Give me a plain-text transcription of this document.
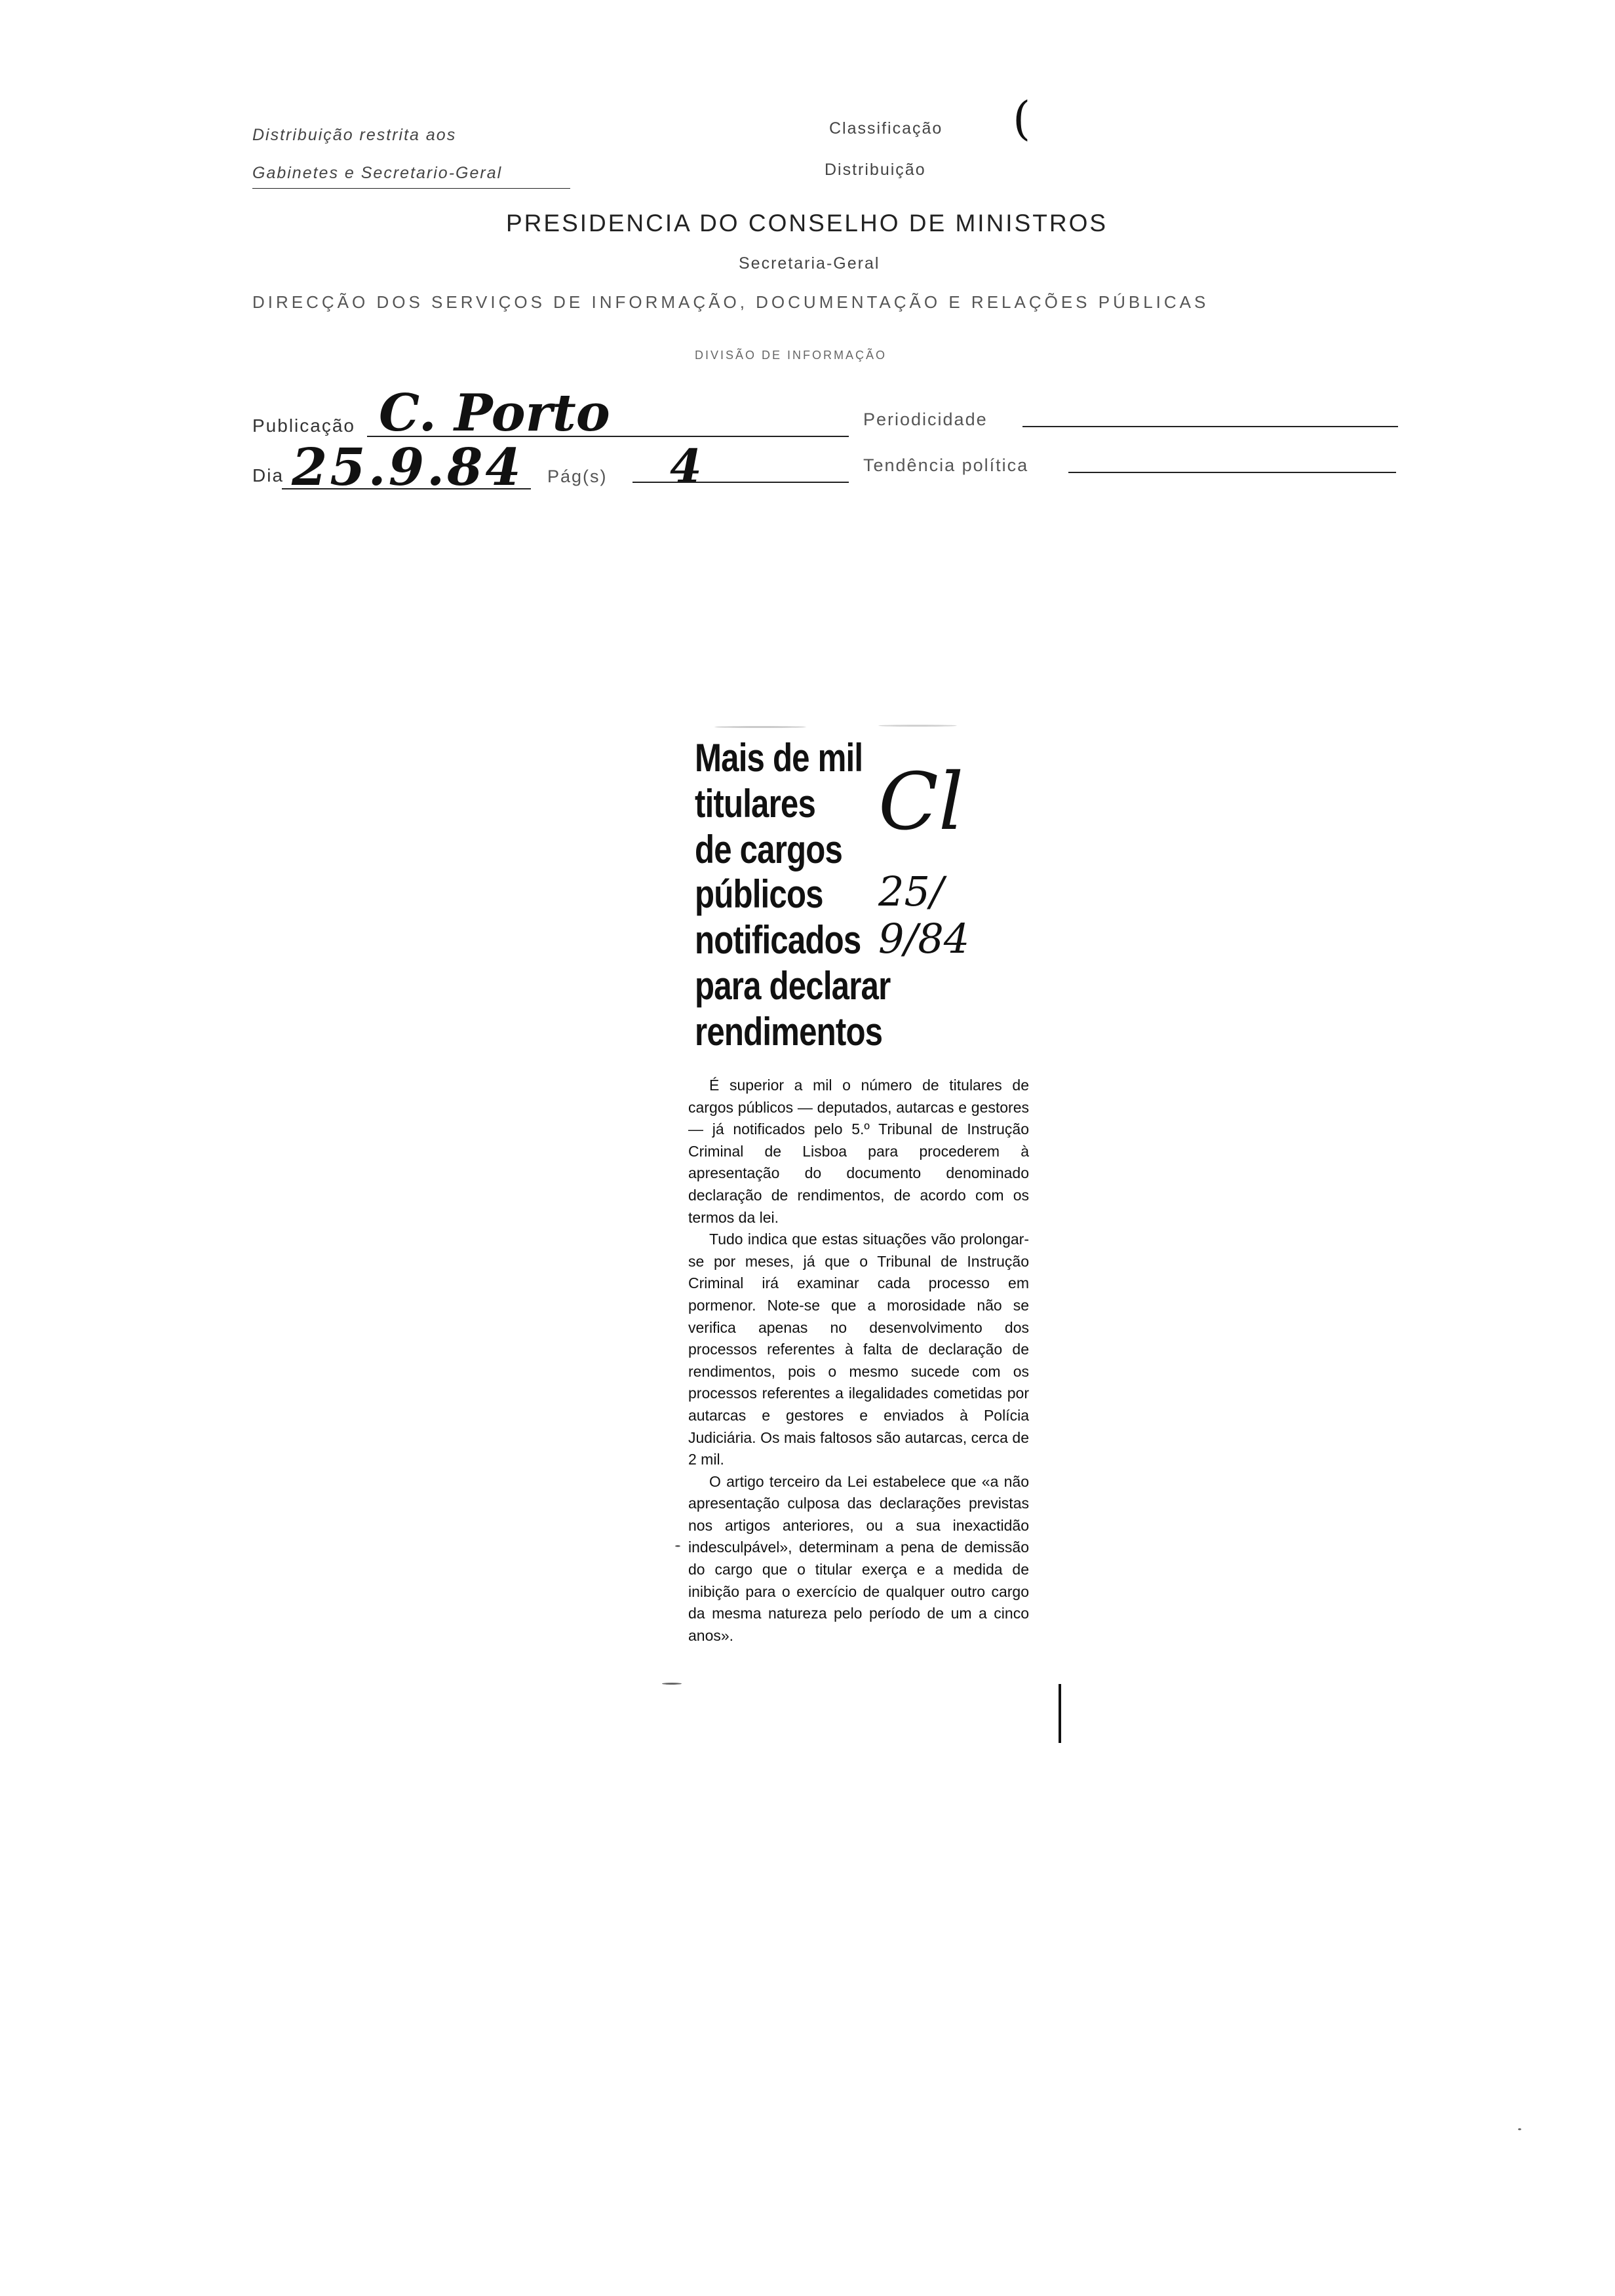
Distribuição restrita aos
Gabinetes e Secretario-Geral
Classificação (
Distribuição
PRESIDENCIA DO CONSELHO DE MINISTROS
Secretaria-Geral
DIRECÇÃO DOS SERVIÇOS DE INFORMAÇÃO, DOCUMENTAÇÃO E RELAÇÕES PÚBLICAS
DIVISÃO DE INFORMAÇÃO
Publicação C. Porto	Periodicidade
Dia 25.9.84 Pág(s) 4	Tendência política
Mais de mil
titulares
de cargos
públicos
notificados
para declarar
rendimentos
Cl
25/9/84

É superior a mil o número de titulares de cargos públicos — deputados, autarcas e gestores — já notificados pelo 5.º Tribunal de Instrução Criminal de Lisboa para procederem à apresentação do documento denominado declaração de rendimentos, de acordo com os termos da lei.

Tudo indica que estas situações vão prolongar-se por meses, já que o Tribunal de Instrução Criminal irá examinar cada processo em pormenor. Note-se que a morosidade não se verifica apenas no desenvolvimento dos processos referentes à falta de declaração de rendimentos, pois o mesmo sucede com os processos referentes a ilegalidades cometidas por autarcas e gestores e enviados à Polícia Judiciária. Os mais faltosos são autarcas, cerca de 2 mil.

O artigo terceiro da Lei estabelece que «a não apresentação culposa das declarações previstas nos artigos anteriores, ou a sua inexactidão indesculpável», determinam a pena de demissão do cargo que o titular exerça e a medida de inibição para o exercício de qualquer outro cargo da mesma natureza pelo período de um a cinco anos».
